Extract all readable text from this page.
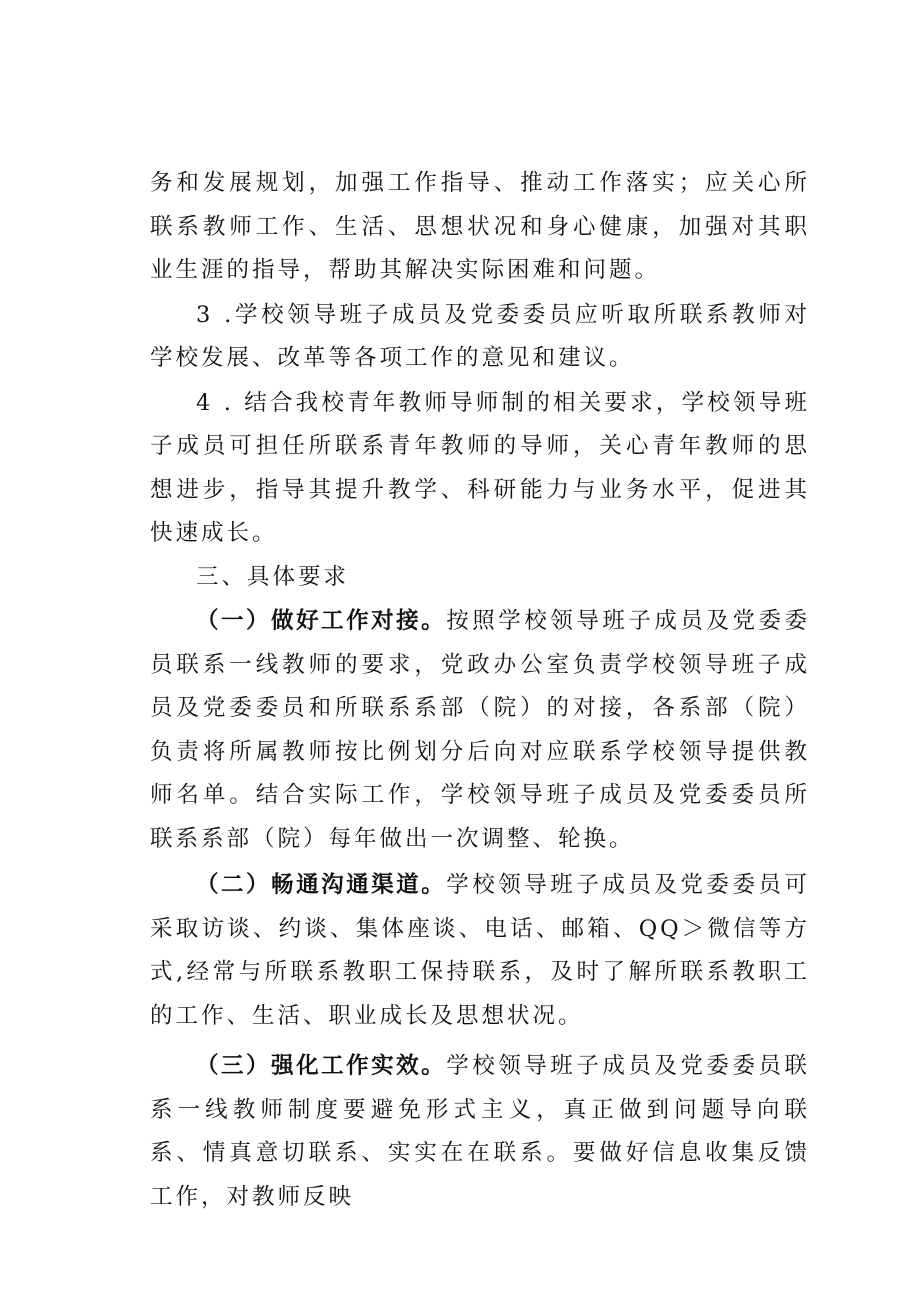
务和发展规划，加强工作指导、推动工作落实；应关心所联系教师工作、生活、思想状况和身心健康，加强对其职业生涯的指导，帮助其解决实际困难和问题。

3 .学校领导班子成员及党委委员应听取所联系教师对学校发展、改革等各项工作的意见和建议。

4 . 结合我校青年教师导师制的相关要求，学校领导班子成员可担任所联系青年教师的导师，关心青年教师的思想进步，指导其提升教学、科研能力与业务水平，促进其快速成长。

三、具体要求

（一）做好工作对接。按照学校领导班子成员及党委委员联系一线教师的要求，党政办公室负责学校领导班子成员及党委委员和所联系系部（院）的对接，各系部（院）负责将所属教师按比例划分后向对应联系学校领导提供教师名单。结合实际工作，学校领导班子成员及党委委员所联系系部（院）每年做出一次调整、轮换。

（二）畅通沟通渠道。学校领导班子成员及党委委员可采取访谈、约谈、集体座谈、电话、邮箱、QQ＞微信等方式,经常与所联系教职工保持联系，及时了解所联系教职工的工作、生活、职业成长及思想状况。

（三）强化工作实效。学校领导班子成员及党委委员联系一线教师制度要避免形式主义，真正做到问题导向联系、情真意切联系、实实在在联系。要做好信息收集反馈工作，对教师反映
